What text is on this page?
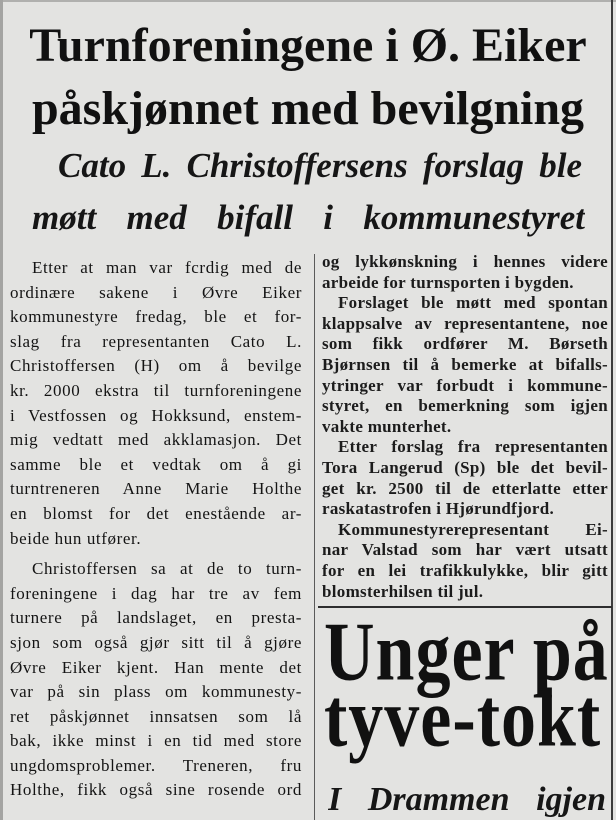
Turnforeningene i Ø. Eiker
påskjønnet med bevilgning
Cato L. Christoffersens forslag ble
møtt med bifall i kommunestyret
Etter at man var fcrdig med de
ordinære sakene i Øvre Eiker
kommunestyre fredag, ble et for-
slag fra representanten Cato L.
Christoffersen (H) om å bevilge
kr. 2000 ekstra til turnforeningene
i Vestfossen og Hokksund, enstem-
mig vedtatt med akklamasjon. Det
samme ble et vedtak om å gi
turntreneren Anne Marie Holthe
en blomst for det enestående ar-
beide hun utfører.
Christoffersen sa at de to turn-
foreningene i dag har tre av fem
turnere på landslaget, en presta-
sjon som også gjør sitt til å gjøre
Øvre Eiker kjent. Han mente det
var på sin plass om kommunesty-
ret påskjønnet innsatsen som lå
bak, ikke minst i en tid med store
ungdomsproblemer. Treneren, fru
Holthe, fikk også sine rosende ord
og lykkønskning i hennes videre
arbeide for turnsporten i bygden.
Forslaget ble møtt med spontan
klappsalve av representantene, noe
som fikk ordfører M. Børseth
Bjørnsen til å bemerke at bifalls-
ytringer var forbudt i kommune-
styret, en bemerkning som igjen
vakte munterhet.
Etter forslag fra representanten
Tora Langerud (Sp) ble det bevil-
get kr. 2500 til de etterlatte etter
raskatastrofen i Hjørundfjord.
Kommunestyrerepresentant Ei-
nar Valstad som har vært utsatt
for en lei trafikkulykke, blir gitt
blomsterhilsen til jul.
Unger på
tyve-tokt
I Drammen igjen
